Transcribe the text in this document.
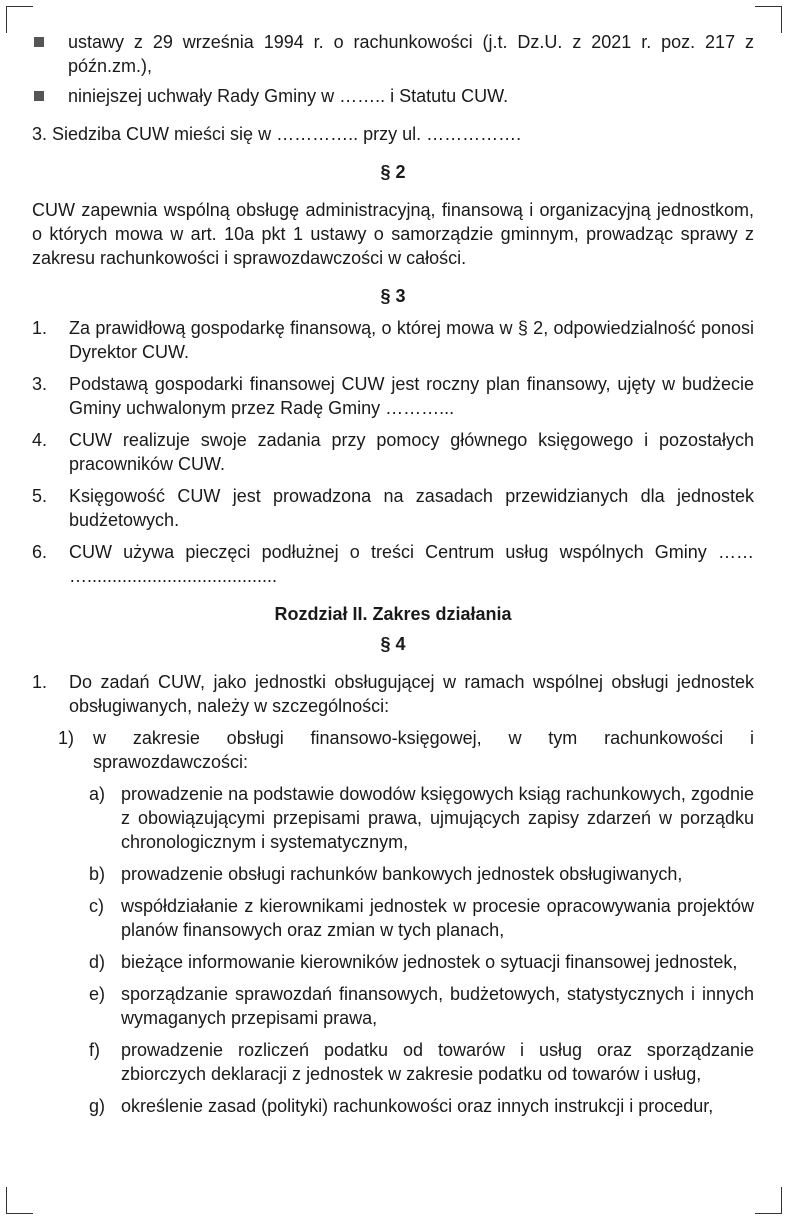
ustawy z 29 września 1994 r. o rachunkowości (j.t. Dz.U. z 2021 r. poz. 217 z późn.zm.),
niniejszej uchwały Rady Gminy w …….. i Statutu CUW.

3. Siedziba CUW mieści się w ………….. przy ul. …………….

§ 2

CUW zapewnia wspólną obsługę administracyjną, finansową i organizacyjną jednostkom, o których mowa w art. 10a pkt 1 ustawy o samorządzie gminnym, prowadząc sprawy z zakresu rachunkowości i sprawozdawczości w całości.

§ 3

1.	Za prawidłową gospodarkę finansową, o której mowa w § 2, odpowiedzialność ponosi Dyrektor CUW.
3.	Podstawą gospodarki finansowej CUW jest roczny plan finansowy, ujęty w budżecie Gminy uchwalonym przez Radę Gminy ………...
4.	CUW realizuje swoje zadania przy pomocy głównego księgowego i pozostałych pracowników CUW.
5.	Księgowość CUW jest prowadzona na zasadach przewidzianych dla jednostek budżetowych.
6.	CUW używa pieczęci podłużnej o treści Centrum usług wspólnych Gminy …… …......................................

Rozdział II. Zakres działania

§ 4

1.	Do zadań CUW, jako jednostki obsługującej w ramach wspólnej obsługi jednostek obsługiwanych, należy w szczególności:
1)	w zakresie obsługi finansowo-księgowej, w tym rachunkowości i sprawozdawczości:
a) prowadzenie na podstawie dowodów księgowych ksiąg rachunkowych, zgodnie z obowiązującymi przepisami prawa, ujmujących zapisy zdarzeń w porządku chronologicznym i systematycznym,
b) prowadzenie obsługi rachunków bankowych jednostek obsługiwanych,
c) współdziałanie z kierownikami jednostek w procesie opracowywania projektów planów finansowych oraz zmian w tych planach,
d) bieżące informowanie kierowników jednostek o sytuacji finansowej jednostek,
e) sporządzanie sprawozdań finansowych, budżetowych, statystycznych i innych wymaganych przepisami prawa,
f)	prowadzenie rozliczeń podatku od towarów i usług oraz sporządzanie zbiorczych deklaracji z jednostek w zakresie podatku od towarów i usług,
g) określenie zasad (polityki) rachunkowości oraz innych instrukcji i procedur,
